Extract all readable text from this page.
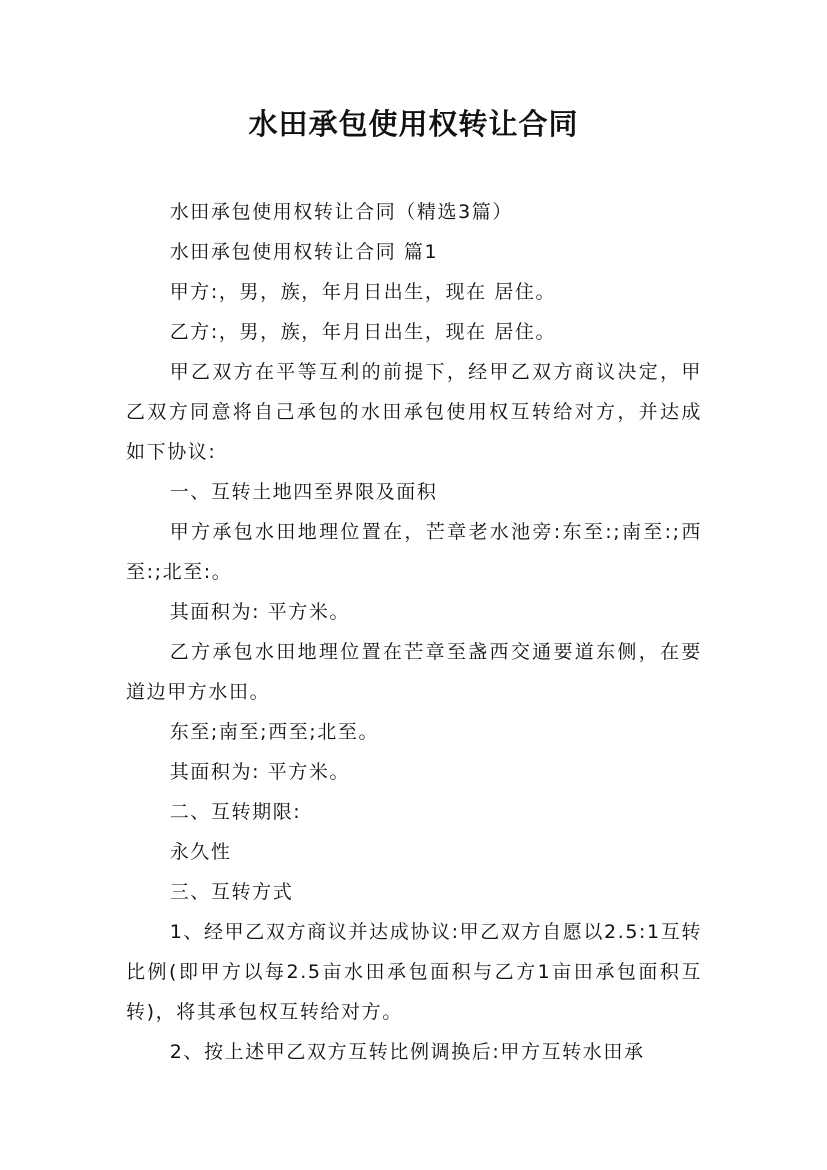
水田承包使用权转让合同

水田承包使用权转让合同（精选3篇）

水田承包使用权转让合同 篇1

甲方:，男，族，年月日出生，现在 居住。

乙方:，男，族，年月日出生，现在 居住。

甲乙双方在平等互利的前提下，经甲乙双方商议决定，甲乙双方同意将自己承包的水田承包使用权互转给对方，并达成如下协议:

一、互转土地四至界限及面积

甲方承包水田地理位置在，芒章老水池旁:东至:;南至:;西至:;北至:。

其面积为: 平方米。

乙方承包水田地理位置在芒章至盏西交通要道东侧，在要道边甲方水田。

东至;南至;西至;北至。

其面积为: 平方米。

二、互转期限:

永久性

三、互转方式

1、经甲乙双方商议并达成协议:甲乙双方自愿以2.5:1互转比例(即甲方以每2.5亩水田承包面积与乙方1亩田承包面积互转)，将其承包权互转给对方。

2、按上述甲乙双方互转比例调换后:甲方互转水田承
